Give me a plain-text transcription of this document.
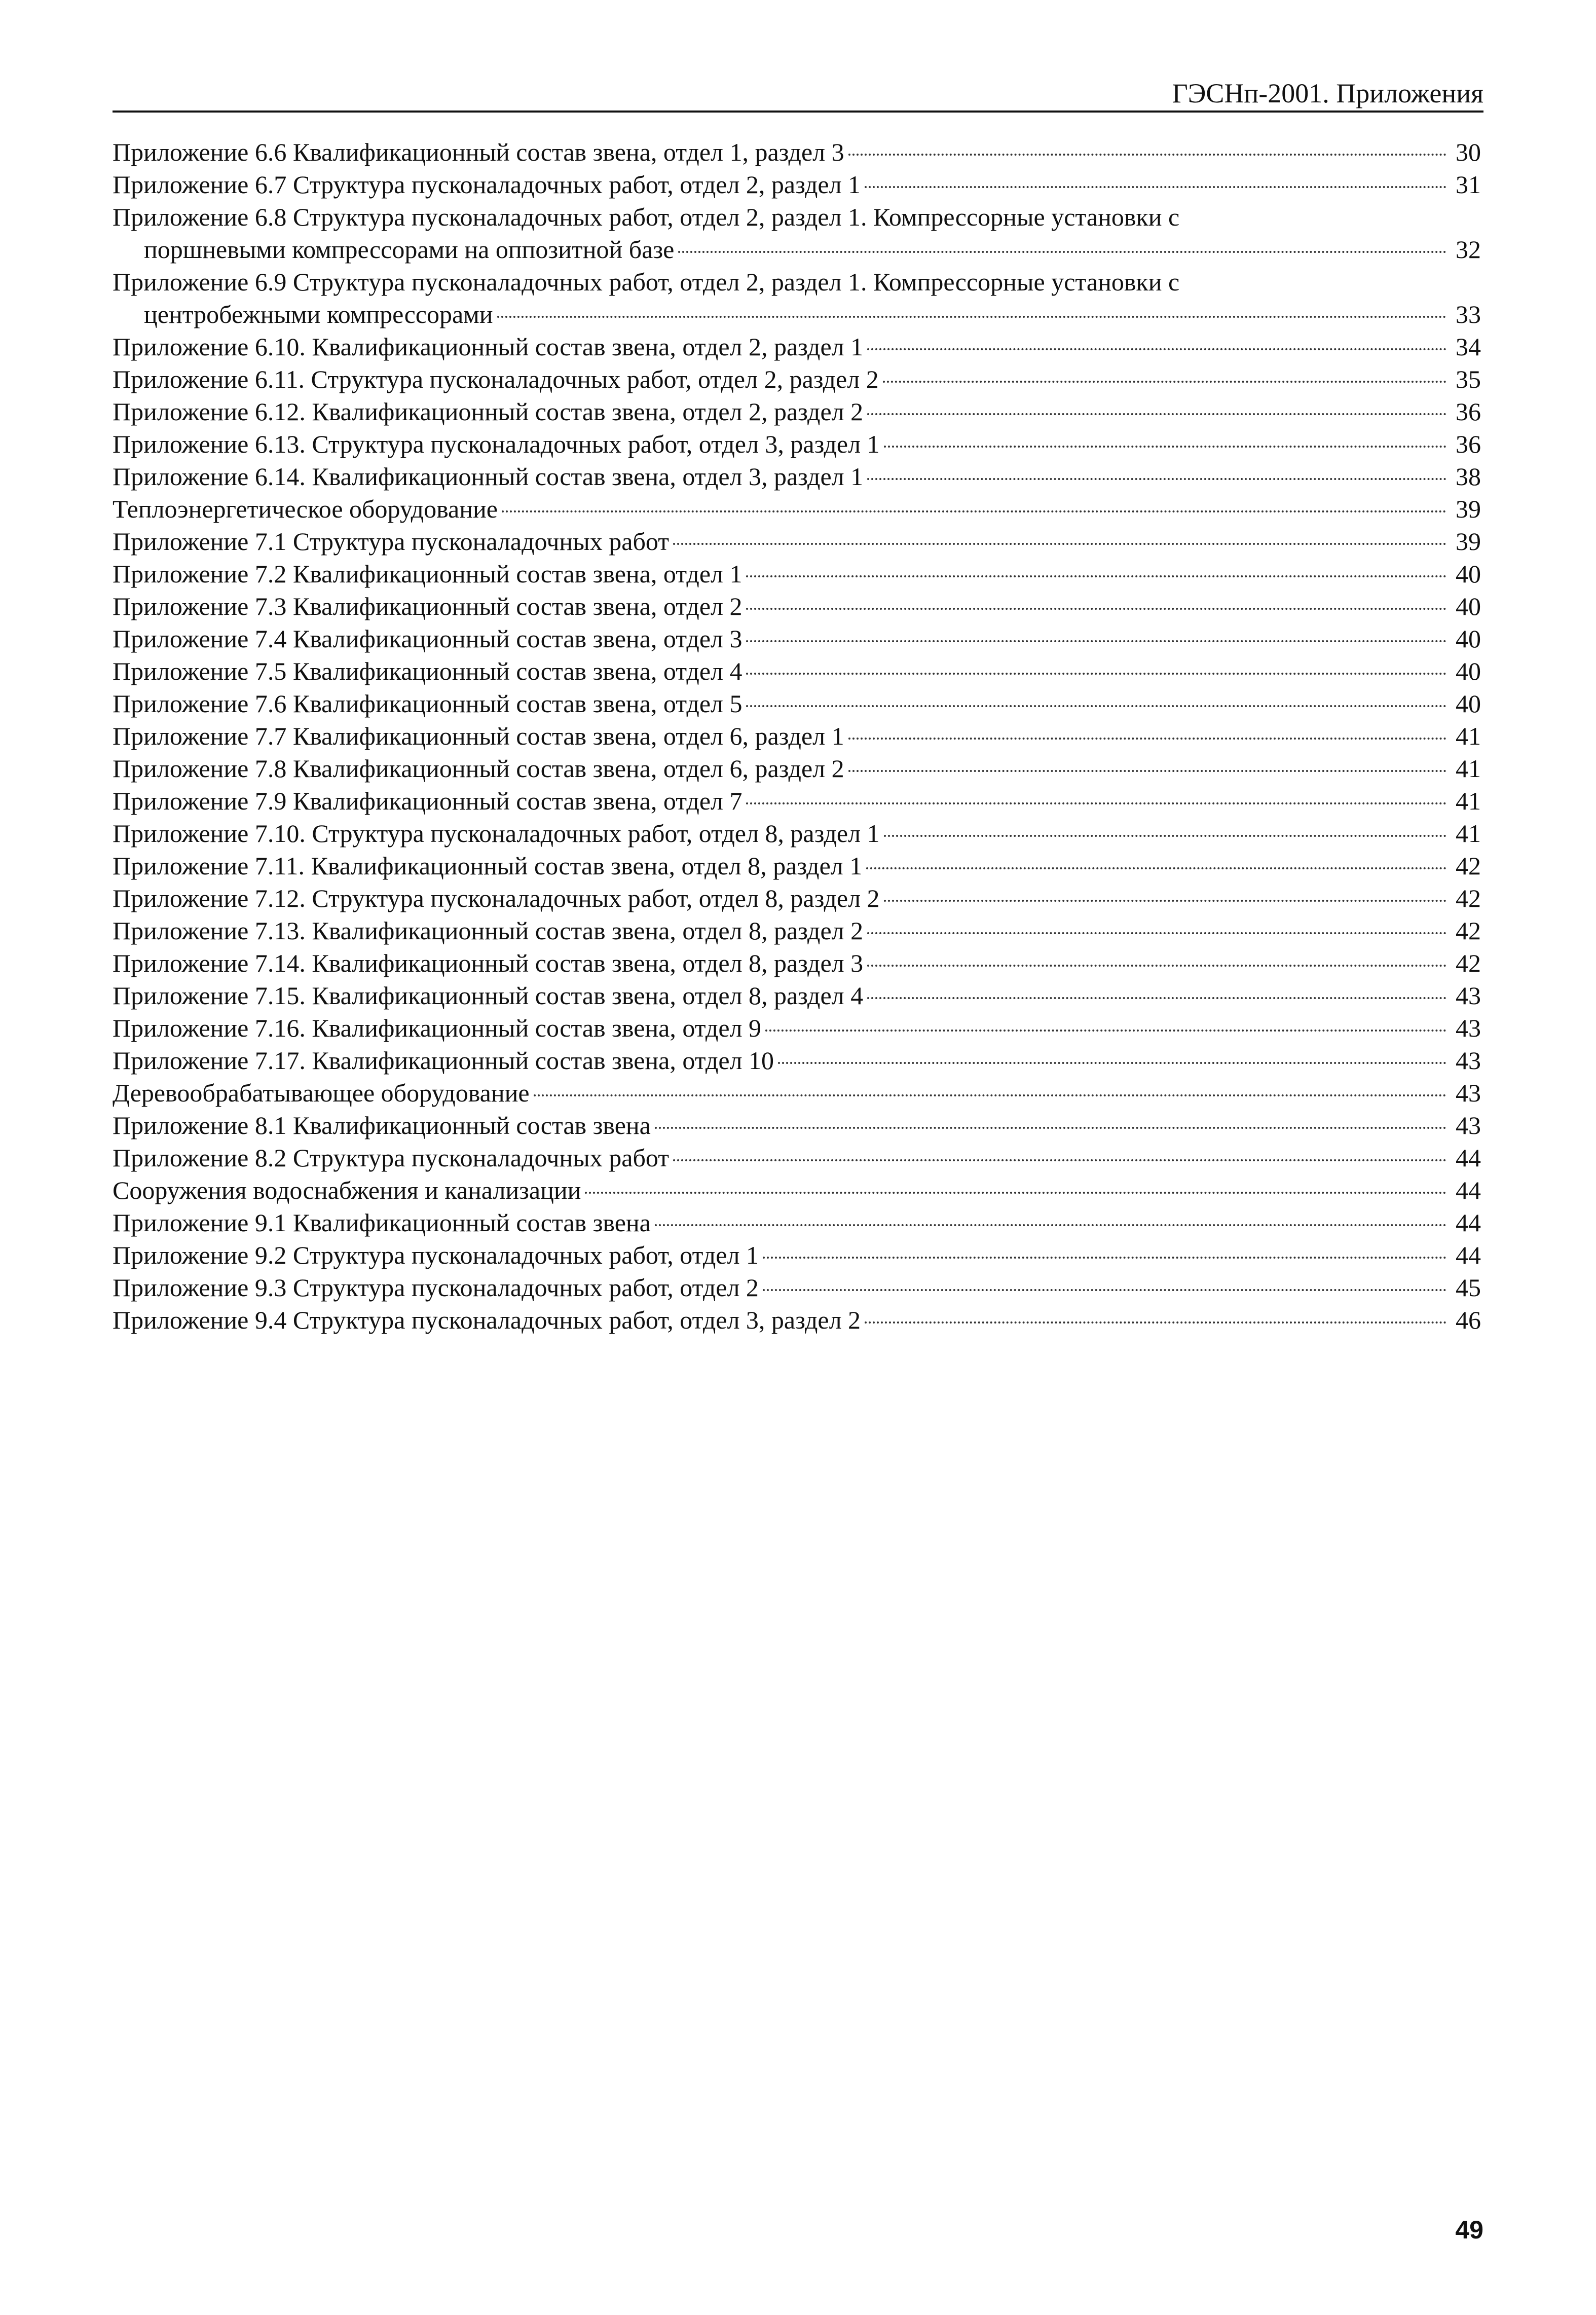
ГЭСНп-2001. Приложения
Приложение 6.6 Квалификационный состав звена, отдел 1, раздел 3	30
Приложение 6.7 Структура пусконаладочных работ, отдел 2, раздел 1	31
Приложение 6.8 Структура пусконаладочных работ, отдел 2, раздел 1. Компрессорные установки с
поршневыми компрессорами на оппозитной базе	32
Приложение 6.9 Структура пусконаладочных работ, отдел 2, раздел 1. Компрессорные установки с
центробежными компрессорами	33
Приложение 6.10. Квалификационный состав звена, отдел 2, раздел 1	34
Приложение 6.11. Структура пусконаладочных работ, отдел 2, раздел 2	35
Приложение 6.12. Квалификационный состав звена, отдел 2, раздел 2	36
Приложение 6.13. Структура пусконаладочных работ, отдел 3, раздел 1	36
Приложение 6.14. Квалификационный состав звена, отдел 3, раздел 1	38
Теплоэнергетическое оборудование	39
Приложение 7.1 Структура пусконаладочных работ	39
Приложение 7.2 Квалификационный состав звена, отдел 1	40
Приложение 7.3 Квалификационный состав звена, отдел 2	40
Приложение 7.4 Квалификационный состав звена, отдел 3	40
Приложение 7.5 Квалификационный состав звена, отдел 4	40
Приложение 7.6 Квалификационный состав звена, отдел 5	40
Приложение 7.7 Квалификационный состав звена, отдел 6, раздел 1	41
Приложение 7.8 Квалификационный состав звена, отдел 6, раздел 2	41
Приложение 7.9 Квалификационный состав звена, отдел 7	41
Приложение 7.10. Структура пусконаладочных работ, отдел 8, раздел 1	41
Приложение 7.11. Квалификационный состав звена, отдел 8, раздел 1	42
Приложение 7.12. Структура пусконаладочных работ, отдел 8, раздел 2	42
Приложение 7.13. Квалификационный состав звена, отдел 8, раздел 2	42
Приложение 7.14. Квалификационный состав звена, отдел 8, раздел 3	42
Приложение 7.15. Квалификационный состав звена, отдел 8, раздел 4	43
Приложение 7.16. Квалификационный состав звена, отдел 9	43
Приложение 7.17. Квалификационный состав звена, отдел 10	43
Деревообрабатывающее оборудование	43
Приложение 8.1 Квалификационный состав звена	43
Приложение 8.2 Структура пусконаладочных работ	44
Сооружения водоснабжения и канализации	44
Приложение 9.1 Квалификационный состав звена	44
Приложение 9.2 Структура пусконаладочных работ, отдел 1	44
Приложение 9.3 Структура пусконаладочных работ, отдел 2	45
Приложение 9.4 Структура пусконаладочных работ, отдел 3, раздел 2	46
49
